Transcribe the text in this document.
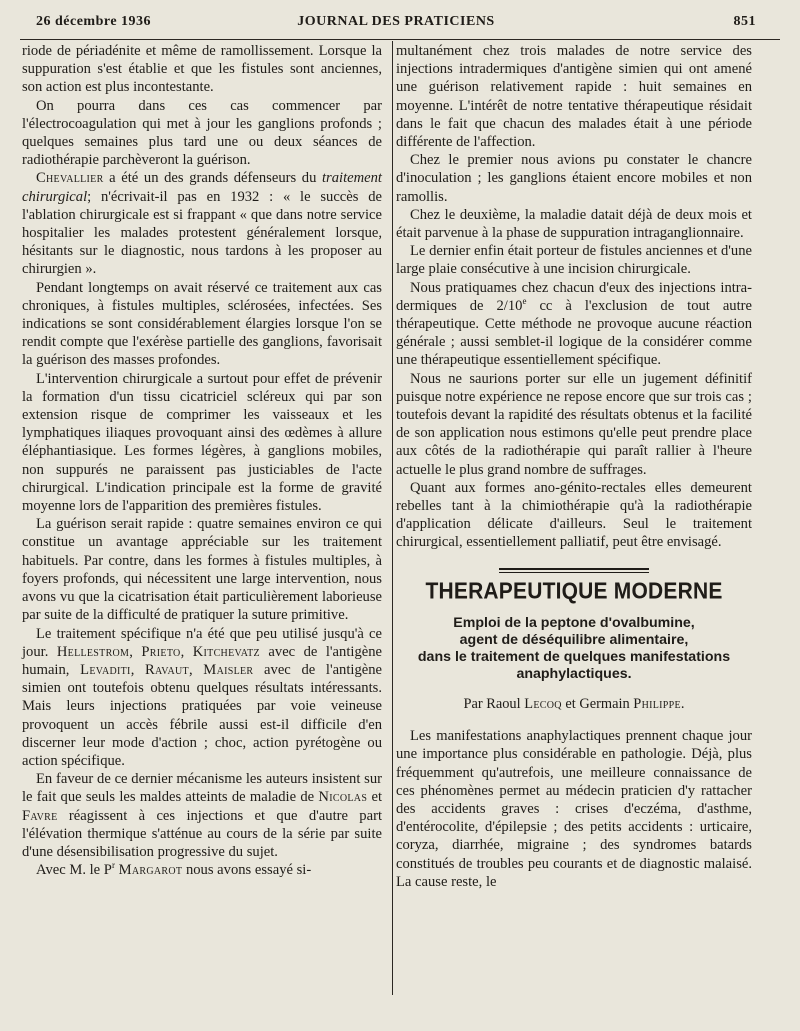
26 décembre 1936	JOURNAL DES PRATICIENS	851

riode de périadénite et même de ramollissement. Lorsque la suppuration s'est établie et que les fistules sont anciennes, son action est plus incontestante.

On pourra dans ces cas commencer par l'électrocoagulation qui met à jour les ganglions profonds ; quelques semaines plus tard une ou deux séances de radiothérapie parchèveront la guérison.

Chevallier a été un des grands défenseurs du traitement chirurgical; n'écrivait-il pas en 1932 : « le succès de l'ablation chirurgicale est si frappant « que dans notre service hospitalier les malades protestent généralement lorsque, hésitants sur le diagnostic, nous tardons à les proposer au chirurgien ».

Pendant longtemps on avait réservé ce traitement aux cas chroniques, à fistules multiples, sclérosées, infectées. Ses indications se sont considérablement élargies lorsque l'on se rendit compte que l'exérèse partielle des ganglions, favorisait la guérison des masses profondes.

L'intervention chirurgicale a surtout pour effet de prévenir la formation d'un tissu cicatriciel scléreux qui par son extension risque de comprimer les vaisseaux et les lymphatiques iliaques provoquant ainsi des œdèmes à allure éléphantiasique. Les formes légères, à ganglions mobiles, non suppurés ne paraissent pas justiciables de l'acte chirurgical. L'indication principale est la forme de gravité moyenne lors de l'apparition des premières fistules.

La guérison serait rapide : quatre semaines environ ce qui constitue un avantage appréciable sur les traitement habituels. Par contre, dans les formes à fistules multiples, à foyers profonds, qui nécessitent une large intervention, nous avons vu que la cicatrisation était particulièrement laborieuse par suite de la difficulté de pratiquer la suture primitive.

Le traitement spécifique n'a été que peu utilisé jusqu'à ce jour. Hellestrom, Prieto, Kitchevatz avec de l'antigène humain, Levaditi, Ravaut, Maisler avec de l'antigène simien ont toutefois obtenu quelques résultats intéressants. Mais leurs injections pratiquées par voie veineuse provoquent un accès fébrile aussi est-il difficile d'en discerner leur mode d'action ; choc, action pyrétogène ou action spécifique.

En faveur de ce dernier mécanisme les auteurs insistent sur le fait que seuls les maldes atteints de maladie de Nicolas et Favre réagissent à ces injections et que d'autre part l'élévation thermique s'atténue au cours de la série par suite d'une désensibilisation progressive du sujet.

Avec M. le $P^r$ Margarot nous avons essayé si-

multanément chez trois malades de notre service des injections intradermiques d'antigène simien qui ont amené une guérison relativement rapide : huit semaines en moyenne. L'intérêt de notre tentative thérapeutique résidait dans le fait que chacun des malades était à une période différente de l'affection.

Chez le premier nous avions pu constater le chancre d'inoculation ; les ganglions étaient encore mobiles et non ramollis.

Chez le deuxième, la maladie datait déjà de deux mois et était parvenue à la phase de suppuration intraganglionnaire.

Le dernier enfin était porteur de fistules anciennes et d'une large plaie consécutive à une incision chirurgicale.

Nous pratiquames chez chacun d'eux des injections intra-dermiques de 2/10e cc à l'exclusion de tout autre thérapeutique. Cette méthode ne provoque aucune réaction générale ; aussi semblet-il logique de la considérer comme une thérapeutique essentiellement spécifique.

Nous ne saurions porter sur elle un jugement définitif puisque notre expérience ne repose encore que sur trois cas ; toutefois devant la rapidité des résultats obtenus et la facilité de son application nous estimons qu'elle peut prendre place aux côtés de la radiothérapie qui paraît rallier à l'heure actuelle le plus grand nombre de suffrages.

Quant aux formes ano-génito-rectales elles demeurent rebelles tant à la chimiothérapie qu'à la radiothérapie d'application délicate d'ailleurs. Seul le traitement chirurgical, essentiellement palliatif, peut être envisagé.

THERAPEUTIQUE MODERNE
Emploi de la peptone d'ovalbumine,
agent de déséquilibre alimentaire,
dans le traitement de quelques manifestations
anaphylactiques.
Par Raoul Lecoq et Germain Philippe.

Les manifestations anaphylactiques prennent chaque jour une importance plus considérable en pathologie. Déjà, plus fréquemment qu'autrefois, une meilleure connaissance de ces phénomènes permet au médecin praticien d'y rattacher des accidents graves : crises d'eczéma, d'asthme, d'entérocolite, d'épilepsie ; des petits accidents : urticaire, coryza, diarrhée, migraine ; des syndromes batards constitués de troubles peu courants et de diagnostic malaisé. La cause reste, le
